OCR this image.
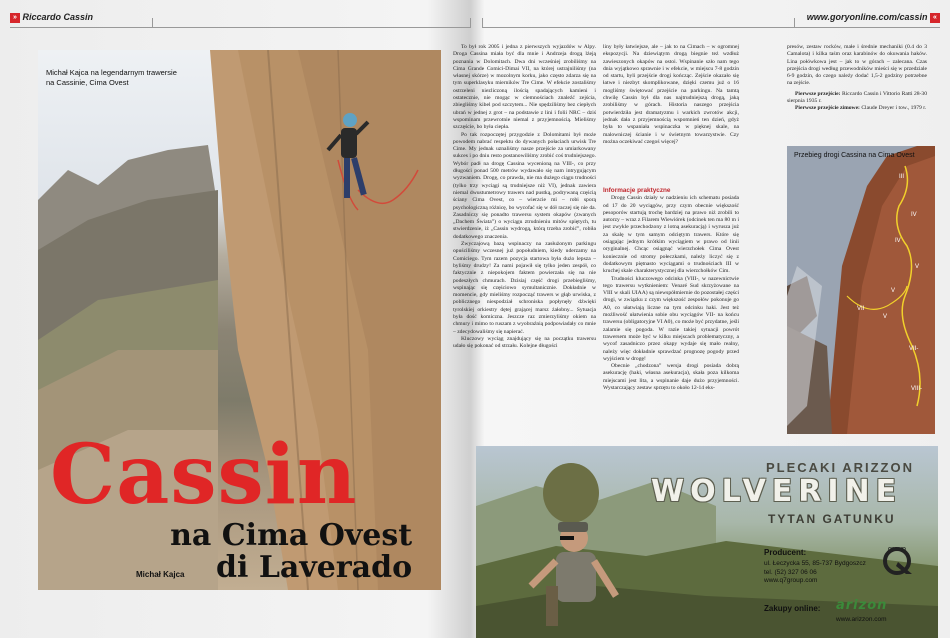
» Riccardo Cassin	www.goryonline.com/cassin «
Michał Kajca na legendarnym trawersie na Cassinie, Cima Ovest
Cassin
na Cima Ovest
di Laverado
Michał Kajca

To był rok 2005 i jedna z pierwszych wyjazdów w Alpy. Droga Cassina miała być dla mnie i Andrzeja drogą lżeją poznania w Dolomitach. Dwa dni wcześniej zrobiliśmy na Cima Grande Comici-Dimai VII, na której ustrajniliśmy (na własnej skórze) w mozolnym korku, jako często zdarza się na tym superklasyku mierników Tre Cime. W efekcie zostaliśmy ostrzeleni niezliczoną ilością spadających kamieni i ostatecznie, nie mogąc w ciemnościach znaleźć zejścia, zbiegliśmy kibel pod szczytem... Nie spędziliśmy bez ciepłych ubrań w jednej z grot – na podstawie z lini i folii NRC – dziś wspominam przewrotnie niemal z przyjemnością. Mieliśmy szczęście, bo była ciepła.

Po tak rozpoczętej przygodzie z Dolomitami był może powodem nabrać respektu do dywanych połaciach urwisk Tre Cime. My jednak uznaliśmy nasze przejście za umiarkowany sukces i po dniu resto postanowiliśmy zrobić coś trudniejszego. Wybór padł na drogę Cassina wycenioną na VIII-, co przy długości ponad 500 metrów wydawało się nam intrygującym wyzwaniem. Drogę, co prawda, nie ma dużego ciągu trudności (tylko trzy wyciągi są trudniejsze niż VI), jednak zawiera niemal dwustumetrowy trawers nad pustką, podrywaną częścią ściany Cima Ovest, co – wierzcie mi – robi sporą psychologiczną różnicę, bo wycofać się w dół raczej się nie da. Zasadniczy się ponadto trawersu system okapów (zwanych „Dachem Świata”) o wyciągu ztrudnieniu mitów spiętych, tu stwierdzenie, iż „Cassin wydrogą, którą trzeba zrobić”, robiła dodatkowego znaczenia.

Zwyczajową bazą wspinaczy na zasłużonym parkingu opuściliśmy wczesnej już popołudniem, kiedy uderzamy na Comiciego. Tym razem pozycja startowa była dużo lepsza – byliśmy drudzy! Za nami pojawił się tylko jeden zespół, co faktycznie z niepokojem faktem powierzała się na nie podeszłych chmurach. Dzisiaj część drogi przebiegliśmy, wspinając się częściowo symultanicznie. Dokładnie w momencie, gdy mieliśmy rozpocząć trawers w głąb urwiska, z poblicznego niespodział schroniska popłynęły dźwięki tyrolskiej orkiestry dętej grającej marsz żałobny... Sytuacja była dość komiczna. Jeszcze raz zmierzyliśmy okiem na chmury i mimo to ruszam z wyobraźnią podpowiadały co mnie – zdecydowaliśmy się napierać.

Kluczowy wyciąg znajdujący się na początku trawersu udało się pokonać od strzału. Kolejne długości

liny były łatwiejsze, ale – jak to na Cimach – w ogromnej ekspozycji. Na dziewiątym drogą biegnie też wzdłuż zawieszonych okapów na ostoi. Wspinanie szło nam tego dnia wyjątkowo sprawnie i w efekcie, w miejscu 7-8 godzin od startu, byli przejście drogi kończąc. Zejście okazało się łatwe i niezbyt skomplikowane, dzięki czemu już o 16 mogliśmy świętować przejście na parkingu. Na tamtą chwilę Cassin był dla nas najtrudniejszą drogą, jaką zrobiliśmy w górach. Historia naszego przejścia potwierdziła jest dramatyzmu i warkich zwrotów akcji, jednak dała z przyjemnością wspomnień ten dzień, gdyż była to wspaniała wspinaczka w pięknej skale, na malowniczej ścianie i w świetnym towarzystwie. Czy można oczekiwać czegoś więcej?

Informacje praktyczne

Drogę Cassin działy w nadzieniu ich schematu posiada od 17 do 20 wyciągów, przy czym obecnie większość pesoporów startują trochę bardziej na prawo niż zrobili to autorzy – wraz z Filarem Wiewiórek (odcinek ten ma 80 m i jest zwykle przechodzony z lotną asekuracją) i wyrusza już za skalę w tym samym odciętym trawers. Które się osiągając jednym krótkim wyciągiem w prawo od linii oryginalnej. Chcąc osiągnąć wierzchołek Cima Ovest koniecznie od stromy połeczkami, należy liczyć się z dodatkowym piętnasto wyciągami o trudnościach III w kruchej skale charakterystycznej dla wierzchołków Cim.

Trudności kluczowego odcinka (VIII-, w nazewnictwie tego trawersu wytknieniem: Venaré Sud skrzyżowane na VIII w skali UIAA) są niewspółmiernie do pozostałej części drogi, w związku z czym większość zespołów pokonuje go A0, co ułatwiają liczne na tym odcinku haki. Jest też możliwość ułatwienia sobie obu wyciągów VII- na końcu trawersu (obligatoryjne VI A0), co może być przydatne, jeśli zalamie się pogoda. W razie takiej sytuacji powrót trawersem może być w kilku miejscach problematyczny, a wycof zasadniczo przez okapy wydaje się mało realny, należy więc dokładnie sprawdzać prognozę pogody przed wyjściem w drogę!

Obecnie „chodzona” wersja drogi posiada dobrą asekurację (haki, własna asekuracja), skała poza kilkoma miejscami jest lita, a wspinanie daje dużo przyjemności. Wystarczający zestaw sprzętu to około 12-14 eks-

presów, zestaw rocków, małe i średnie mechaniki (0.4 do 3 Camalota) i kilka taśm oraz karabinów do okuwania haków. Lina połówkowa jest – jak to w górach – zalecana. Czas przejścia drogi według przewodników mieści się w przedziale 6-9 godzin, do czego należy dodać 1,5-2 godziny potrzebne na zejście.

Pierwsze przejście: Riccardo Cassin i Vittorio Ratti 28-30 sierpnia 1935 r.

Pierwsze przejście zimowe: Claude Dreyer i tow., 1979 r.

Przebieg drogi Cassina na Cima Ovest
III
IV
IV
V
V
V
VII
VII-
VIII-
PLECAKI ARIZZON
WOLVERINE
TYTAN GATUNKU
Producent:
ul. Łeczycka 55, 85-737 Bydgoszcz
tel. (52) 327 06 06
www.q7group.com
group
Zakupy online: arizon
www.arizzon.com
